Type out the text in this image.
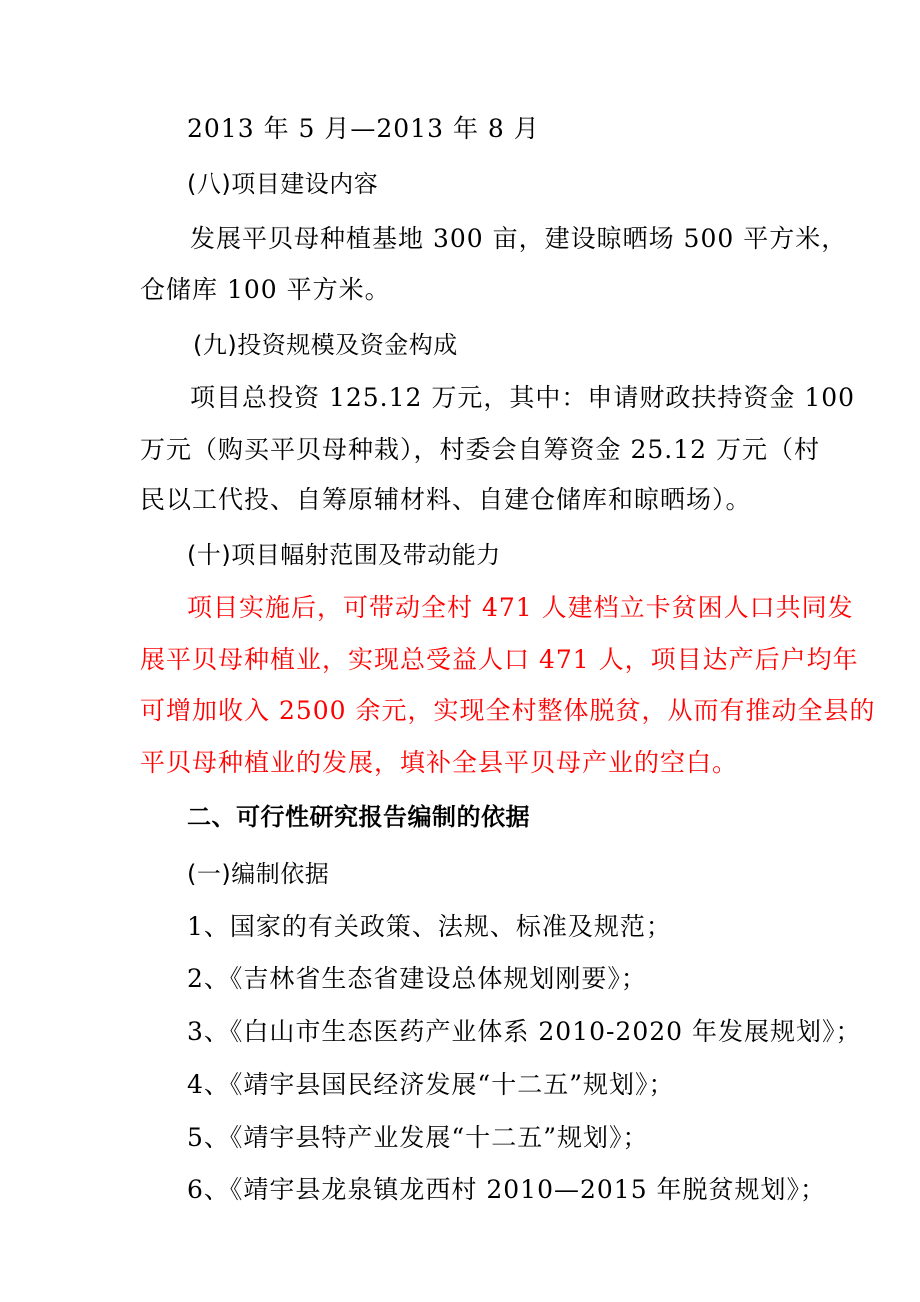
2013 年 5 月—2013 年 8 月
(八)项目建设内容
发展平贝母种植基地 300 亩，建设晾晒场 500 平方米，
仓储库 100 平方米。
(九)投资规模及资金构成
项目总投资 125.12 万元，其中：申请财政扶持资金 100
万元（购买平贝母种栽），村委会自筹资金 25.12 万元（村
民以工代投、自筹原辅材料、自建仓储库和晾晒场）。
(十)项目幅射范围及带动能力
项目实施后，可带动全村 471 人建档立卡贫困人口共同发
展平贝母种植业，实现总受益人口 471 人，项目达产后户均年
可增加收入 2500 余元，实现全村整体脱贫，从而有推动全县的
平贝母种植业的发展，填补全县平贝母产业的空白。
二、可行性研究报告编制的依据
(一)编制依据
1、国家的有关政策、法规、标准及规范；
2、《吉林省生态省建设总体规划刚要》；
3、《白山市生态医药产业体系 2010-2020 年发展规划》；
4、《靖宇县国民经济发展“十二五”规划》；
5、《靖宇县特产业发展“十二五”规划》；
6、《靖宇县龙泉镇龙西村 2010—2015 年脱贫规划》；
